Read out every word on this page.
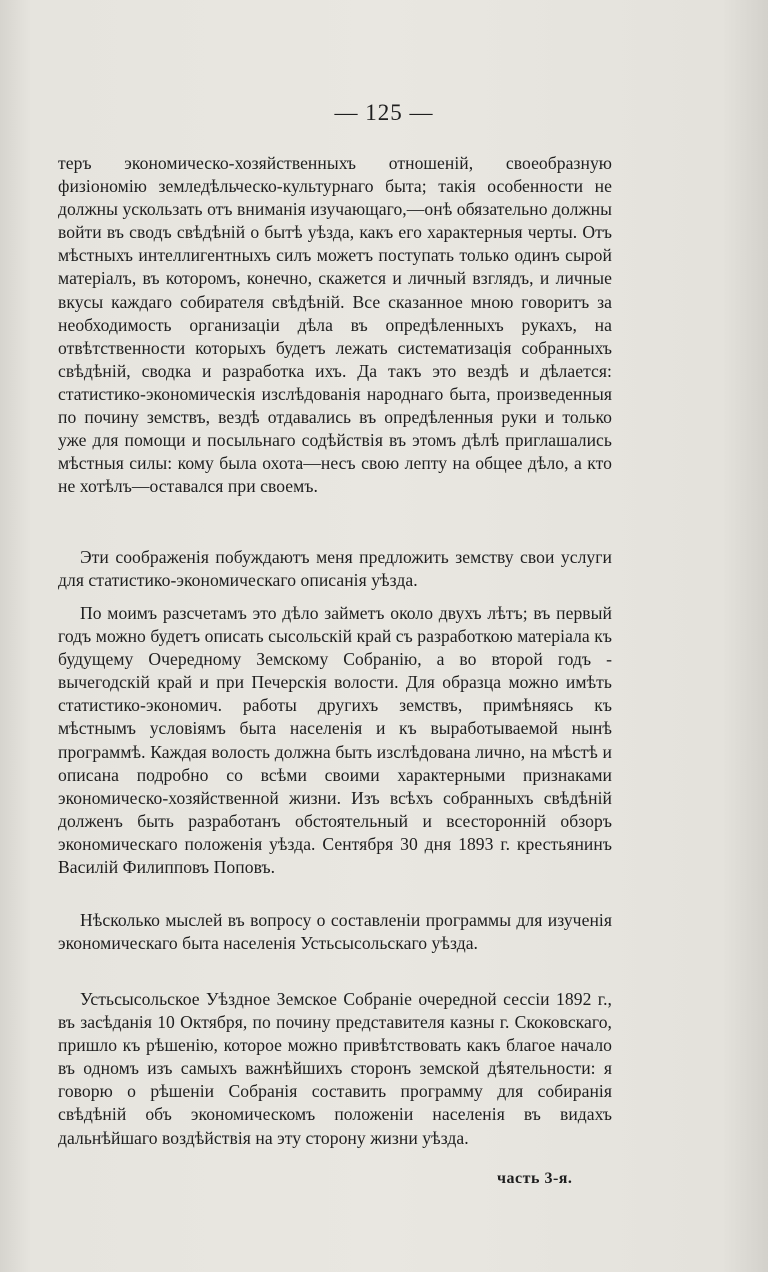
— 125 —

теръ экономическо-хозяйственныхъ отношеній, своеобразную физіономію земледѣльческо-культурнаго быта; такія особенности не должны ускользать отъ вниманія изучающаго,—онѣ обязательно должны войти въ сводъ свѣдѣній о бытѣ уѣзда, какъ его характерныя черты. Отъ мѣстныхъ интеллигентныхъ силъ можетъ поступать только одинъ сырой матеріалъ, въ которомъ, конечно, скажется и личный взглядъ, и личные вкусы каждаго собирателя свѣдѣній. Все сказанное мною говоритъ за необходимость организаціи дѣла въ опредѣленныхъ рукахъ, на отвѣтственности которыхъ будетъ лежать систематизація собранныхъ свѣдѣній, сводка и разработка ихъ. Да такъ это вездѣ и дѣлается: статистико-экономическія изслѣдованія народнаго быта, произведенныя по почину земствъ, вездѣ отдавались въ опредѣленныя руки и только уже для помощи и посыльнаго содѣйствія въ этомъ дѣлѣ приглашались мѣстныя силы: кому была охота—несъ свою лепту на общее дѣло, а кто не хотѣлъ—оставался при своемъ.

Эти соображенія побуждаютъ меня предложить земству свои услуги для статистико-экономическаго описанія уѣзда.

По моимъ разсчетамъ это дѣло займетъ около двухъ лѣтъ; въ первый годъ можно будетъ описать сысольскій край съ разработкою матеріала къ будущему Очередному Земскому Собранію, а во второй годъ - вычегодскій край и при Печерскія волости. Для образца можно имѣть статистико-экономич. работы другихъ земствъ, примѣняясь къ мѣстнымъ условіямъ быта населенія и къ выработываемой нынѣ программѣ. Каждая волость должна быть изслѣдована лично, на мѣстѣ и описана подробно со всѣми своими характерными признаками экономическо-хозяйственной жизни. Изъ всѣхъ собранныхъ свѣдѣній долженъ быть разработанъ обстоятельный и всесторонній обзоръ экономическаго положенія уѣзда. Сентября 30 дня 1893 г. крестьянинъ Василій Филипповъ Поповъ.

Нѣсколько мыслей въ вопросу о составленіи программы для изученія экономическаго быта населенія Устьсысольскаго уѣзда.

Устьсысольское Уѣздное Земское Собраніе очередной сессіи 1892 г., въ засѣданія 10 Октября, по почину представителя казны г. Скоковскаго, пришло къ рѣшенію, которое можно привѣтствовать какъ благое начало въ одномъ изъ самыхъ важнѣйшихъ сторонъ земской дѣятельности: я говорю о рѣшеніи Собранія составить программу для собиранія свѣдѣній объ экономическомъ положеніи населенія въ видахъ дальнѣйшаго воздѣйствія на эту сторону жизни уѣзда.

часть 3-я.
